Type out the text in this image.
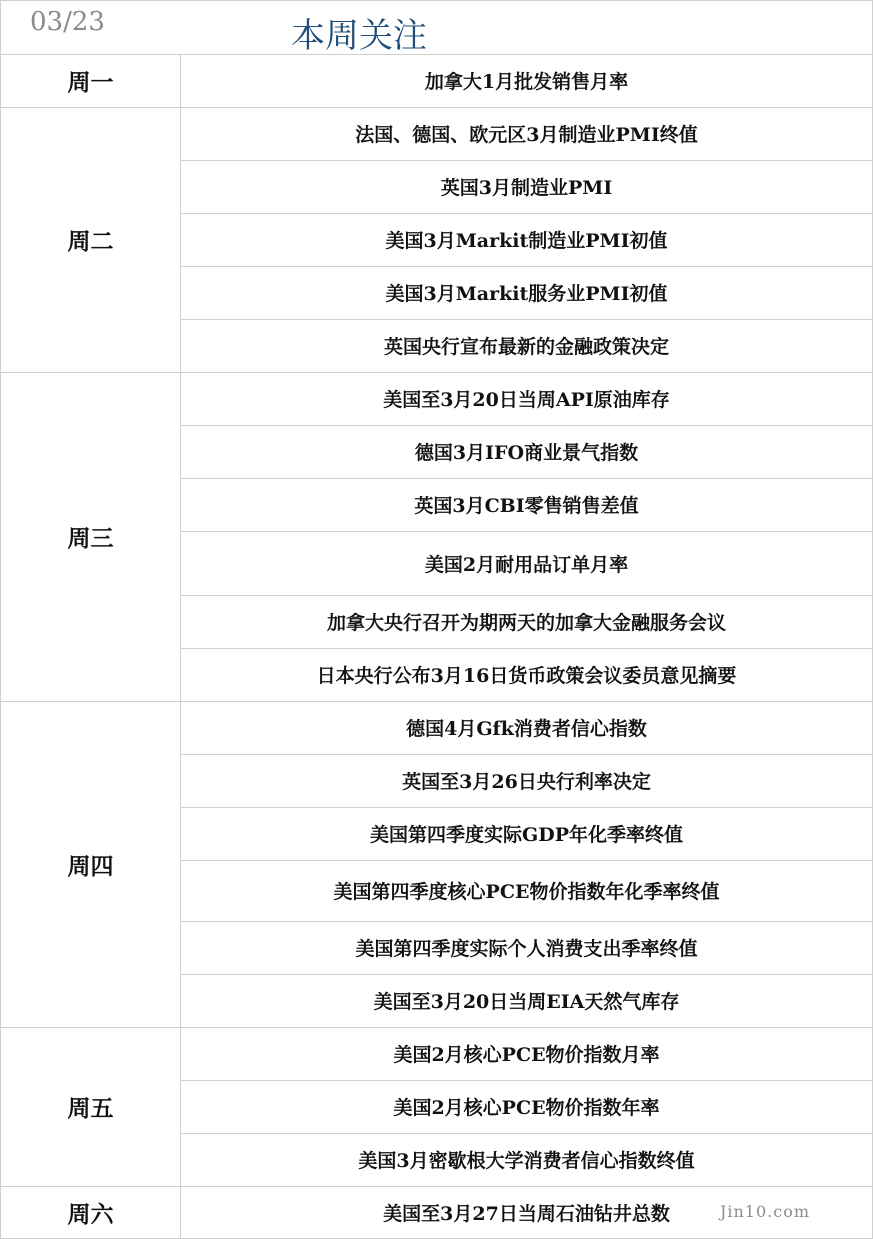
03/23	本周关注
周一	加拿大1月批发销售月率
周二	法国、德国、欧元区3月制造业PMI终值
	英国3月制造业PMI
	美国3月Markit制造业PMI初值
	美国3月Markit服务业PMI初值
	英国央行宣布最新的金融政策决定
周三	美国至3月20日当周API原油库存
	德国3月IFO商业景气指数
	英国3月CBI零售销售差值
	美国2月耐用品订单月率
	加拿大央行召开为期两天的加拿大金融服务会议
	日本央行公布3月16日货币政策会议委员意见摘要
周四	德国4月Gfk消费者信心指数
	英国至3月26日央行利率决定
	美国第四季度实际GDP年化季率终值
	美国第四季度核心PCE物价指数年化季率终值
	美国第四季度实际个人消费支出季率终值
	美国至3月20日当周EIA天然气库存
周五	美国2月核心PCE物价指数月率
	美国2月核心PCE物价指数年率
	美国3月密歇根大学消费者信心指数终值
周六	美国至3月27日当周石油钻井总数	Jin10.com
